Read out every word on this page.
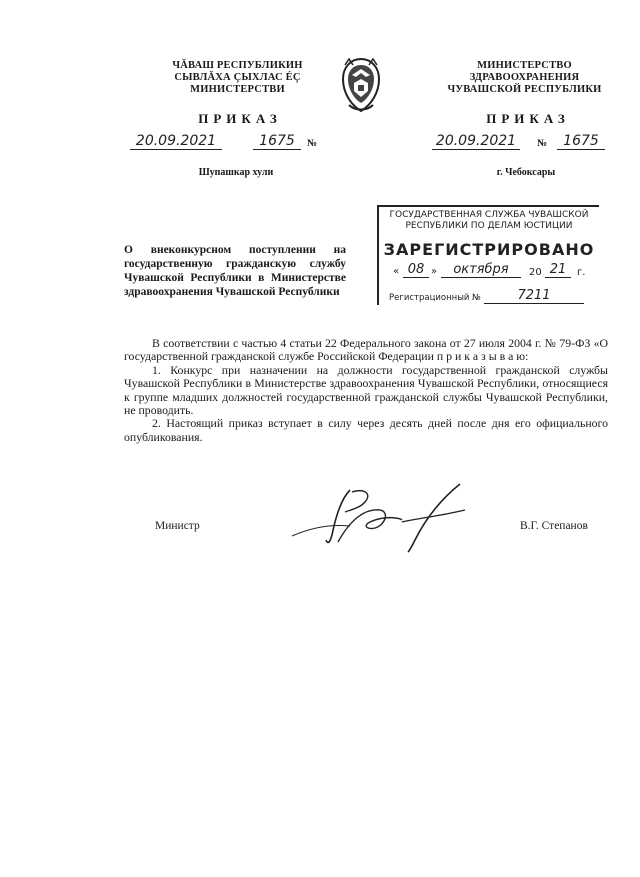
ЧĂВАШ РЕСПУБЛИКИН
СЫВЛĂХА ÇЫХЛАС ÉÇ
МИНИСТЕРСТВИ
ПРИКАЗ
20.09.2021	1675	№
Шупашкар хули
МИНИСТЕРСТВО
ЗДРАВООХРАНЕНИЯ
ЧУВАШСКОЙ РЕСПУБЛИКИ
ПРИКАЗ
20.09.2021	№	1675
г. Чебоксары
ГОСУДАРСТВЕННАЯ СЛУЖБА ЧУВАШСКОЙ
РЕСПУБЛИКИ ПО ДЕЛАМ ЮСТИЦИИ
ЗАРЕГИСТРИРОВАНО
« 08 »	октября	20 21	г.
Регистрационный №	7211
О внеконкурсном поступлении на государственную гражданскую службу Чувашской Республики в Министерстве здравоохранения Чувашской Республики

В соответствии с частью 4 статьи 22 Федерального закона от 27 июля 2004 г. № 79-ФЗ «О государственной гражданской службе Российской Федерации п р и к а з ы в а ю:

1. Конкурс при назначении на должности государственной гражданской службы Чувашской Республики в Министерстве здравоохранения Чувашской Республики, относящиеся к группе младших должностей государственной гражданской службы Чувашской Республики, не проводить.

2. Настоящий приказ вступает в силу через десять дней после дня его официального опубликования.

Министр	В.Г. Степанов
